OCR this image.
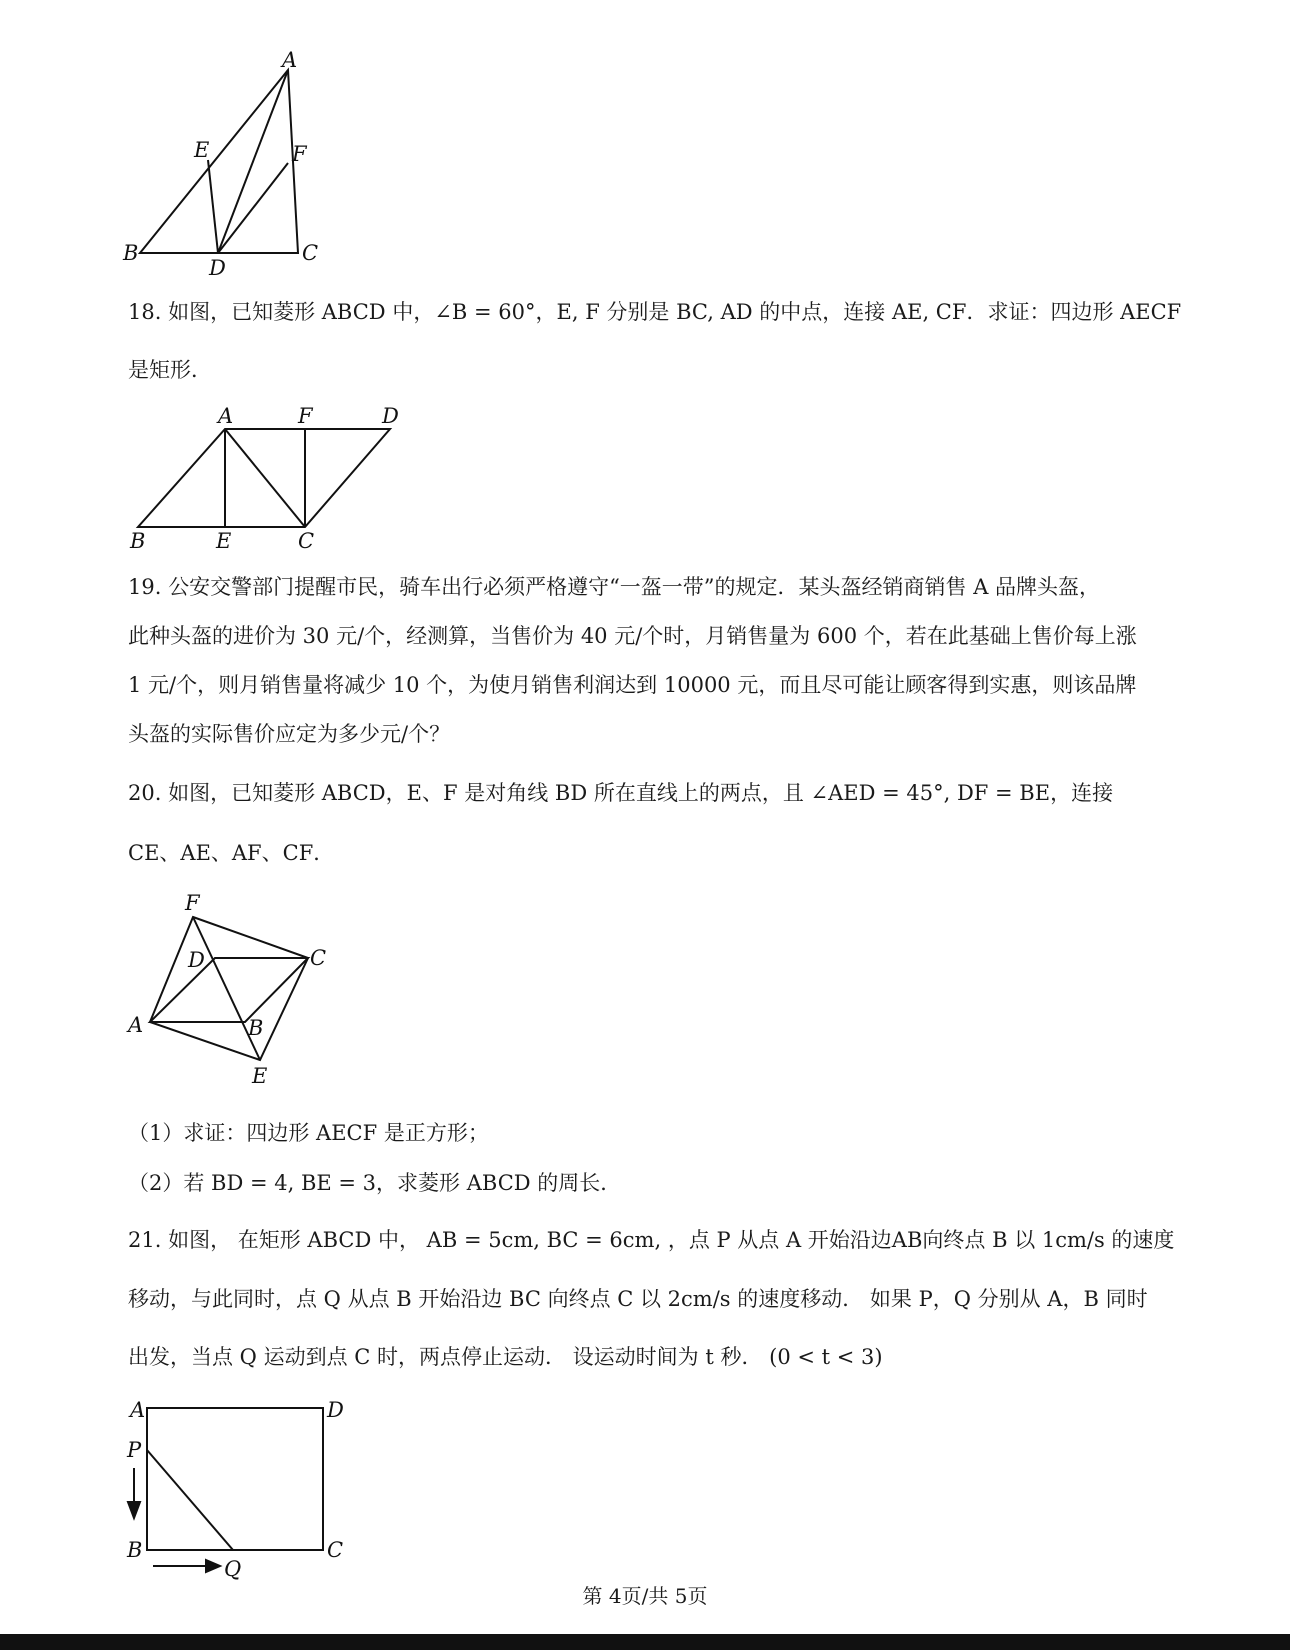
A
E	F
B
D
C
18. 如图，已知菱形 ABCD 中，∠B = 60°，E, F 分别是 BC, AD 的中点，连接 AE, CF．求证：四边形 AECF
是矩形．
A	F	D
B	E	C
19. 公安交警部门提醒市民，骑车出行必须严格遵守“一盔一带”的规定．某头盔经销商销售 A 品牌头盔，
此种头盔的进价为 30 元/个，经测算，当售价为 40 元/个时，月销售量为 600 个，若在此基础上售价每上涨
1 元/个，则月销售量将减少 10 个，为使月销售利润达到 10000 元，而且尽可能让顾客得到实惠，则该品牌
头盔的实际售价应定为多少元/个？
20. 如图，已知菱形 ABCD，E、F 是对角线 BD 所在直线上的两点，且 ∠AED = 45°, DF = BE，连接
CE、AE、AF、CF．
F
D	C
A	B
E
（1）求证：四边形 AECF 是正方形；
（2）若 BD = 4, BE = 3，求菱形 ABCD 的周长．
21. 如图， 在矩形 ABCD 中， AB = 5cm, BC = 6cm, ，点 P 从点 A 开始沿边AB向终点 B 以 1cm/s 的速度
移动，与此同时，点 Q 从点 B 开始沿边 BC 向终点 C 以 2cm/s 的速度移动． 如果 P，Q 分别从 A，B 同时
出发，当点 Q 运动到点 C 时，两点停止运动． 设运动时间为 t 秒． (0 < t < 3)
A	D
P
B	C
Q
第 4页/共 5页
